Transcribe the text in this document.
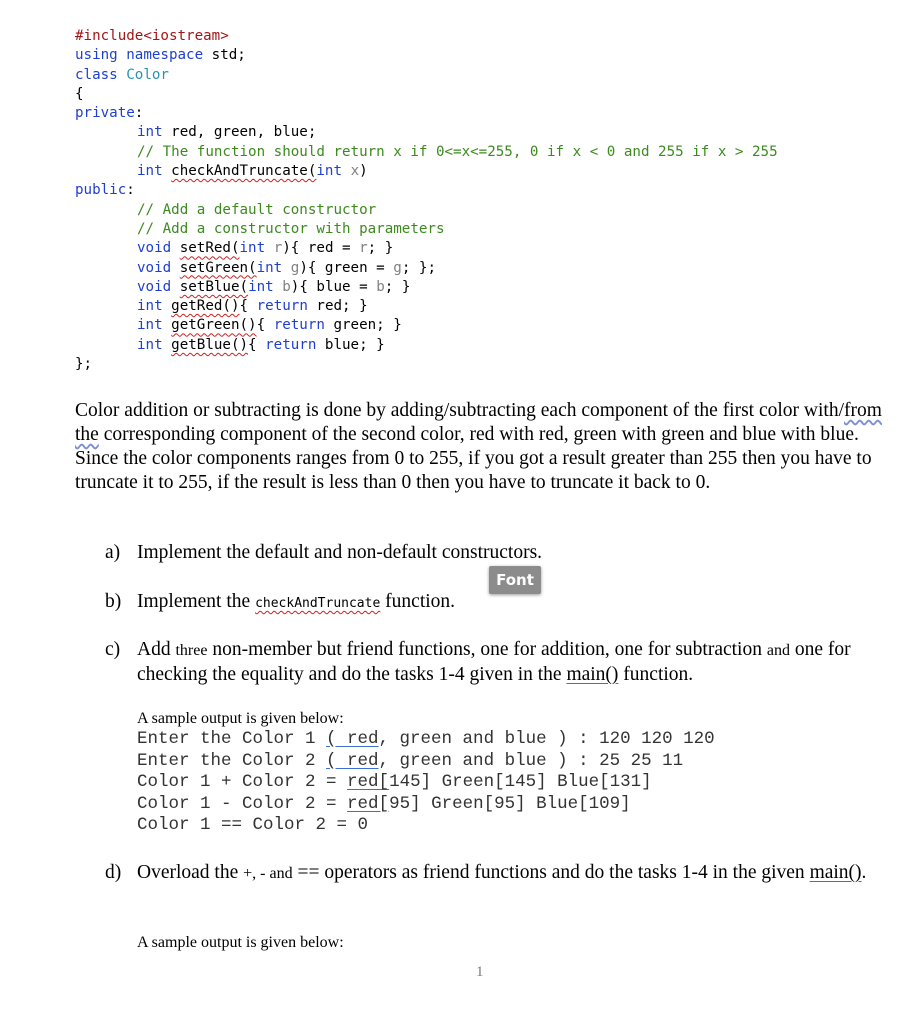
#include<iostream>
using namespace std;
class Color
{
private:
int red, green, blue;
// The function should return x if 0<=x<=255, 0 if x < 0 and 255 if x > 255
int checkAndTruncate(int x)
public:
// Add a default constructor
// Add a constructor with parameters
void setRed(int r){ red = r; }
void setGreen(int g){ green = g; };
void setBlue(int b){ blue = b; }
int getRed(){ return red; }
int getGreen(){ return green; }
int getBlue(){ return blue; }
};
Color addition or subtracting is done by adding/subtracting each component of the first color with/from the corresponding component of the second color, red with red, green with green and blue with blue.
Since the color components ranges from 0 to 255, if you got a result greater than 255 then you have to truncate it to 255, if the result is less than 0 then you have to truncate it back to 0.
a) Implement the default and non-default constructors.
Font
b) Implement the checkAndTruncate function.
c) Add three non-member but friend functions, one for addition, one for subtraction and one for checking the equality and do the tasks 1-4 given in the main() function.
A sample output is given below:
Enter the Color 1 ( red, green and blue ) : 120 120 120
Enter the Color 2 ( red, green and blue ) : 25 25 11
Color 1 + Color 2 = red[145] Green[145] Blue[131]
Color 1 - Color 2 = red[95] Green[95] Blue[109]
Color 1 == Color 2 = 0
d) Overload the +, - and == operators as friend functions and do the tasks 1-4 in the given main().
A sample output is given below:
1
